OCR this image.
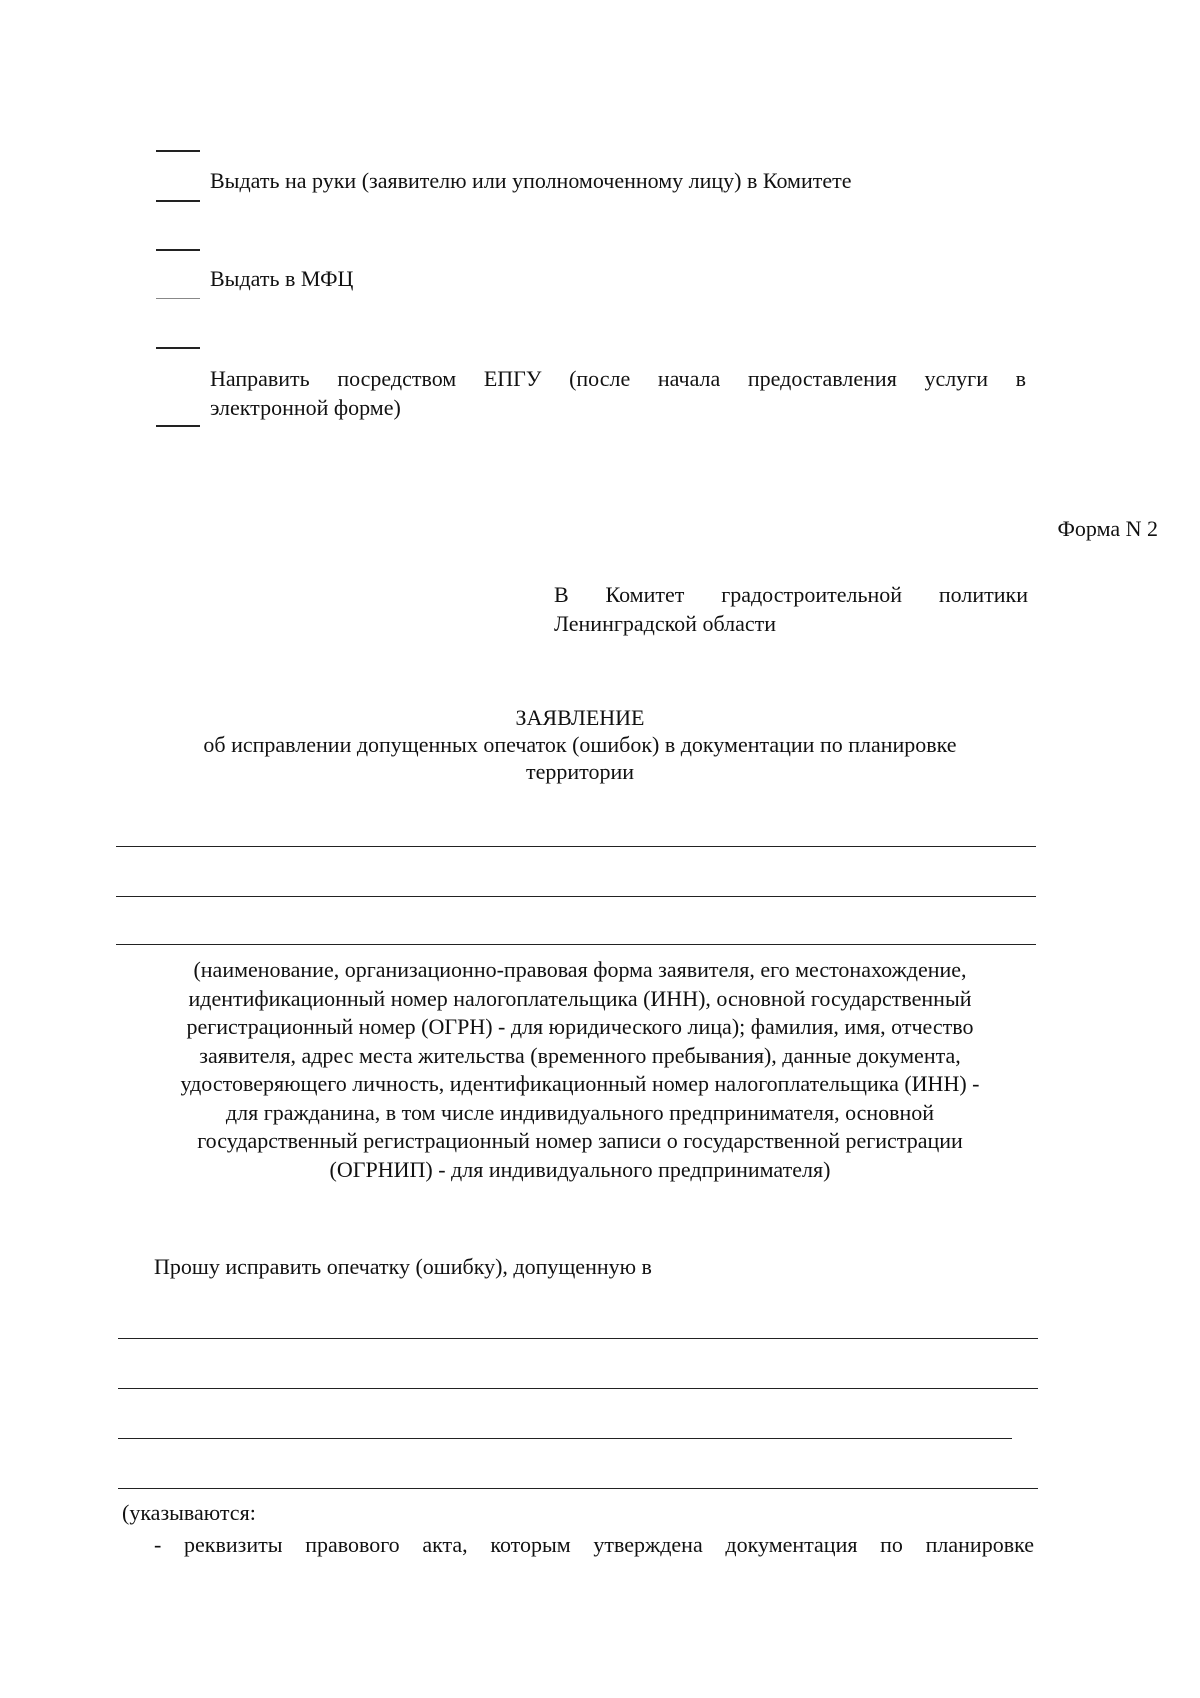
Выдать на руки (заявителю или уполномоченному лицу) в Комитете
Выдать в МФЦ
Направить посредством ЕПГУ (после начала предоставления услуги в
электронной форме)
Форма N 2
В Комитет градостроительной политики
Ленинградской области
ЗАЯВЛЕНИЕ
об исправлении допущенных опечаток (ошибок) в документации по планировке
территории
(наименование, организационно-правовая форма заявителя, его местонахождение,
идентификационный номер налогоплательщика (ИНН), основной государственный
регистрационный номер (ОГРН) - для юридического лица); фамилия, имя, отчество
заявителя, адрес места жительства (временного пребывания), данные документа,
удостоверяющего личность, идентификационный номер налогоплательщика (ИНН) -
для гражданина, в том числе индивидуального предпринимателя, основной
государственный регистрационный номер записи о государственной регистрации
(ОГРНИП) - для индивидуального предпринимателя)
Прошу исправить опечатку (ошибку), допущенную в
(указываются:
- реквизиты правового акта, которым утверждена документация по планировке
